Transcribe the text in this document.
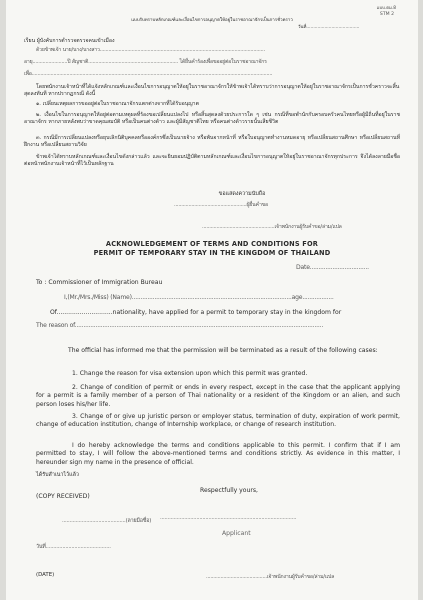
แบบ.ตม.8
STM 2
แบบรับทราบหลักเกณฑ์และเงื่อนไขการอนุญาตให้อยู่ในราชอาณาจักรเป็นการชั่วคราว
วันที่......................................
เรียน ผู้บังคับการตำรวจตรวจคนเข้าเมือง
ด้วยข้าพเจ้า นาย/นาง/นางสาว..................................................................................................................
อายุ........................ปี สัญชาติ.............................................................. ได้ยื่นคำร้องเพื่อขออยู่ต่อในราชอาณาจักร
เพื่อ......................................................................................................................................................................
โดยพนักงานเจ้าหน้าที่ได้แจ้งหลักเกณฑ์และเงื่อนไขการอนุญาตให้อยู่ในราชอาณาจักรให้ข้าพเจ้าได้ทราบว่าการอนุญาตให้อยู่ในราชอาณาจักรเป็นการชั่วคราวจะสิ้นสุดลงทันที หากปรากฏกรณี ดังนี้
๑. เปลี่ยนเหตุผลการขออยู่ต่อในราชอาณาจักรแตกต่างจากที่ได้รับอนุญาต
๒. เงื่อนไขในการอนุญาตให้อยู่ต่อตามเหตุผลที่ร้องขอเปลี่ยนแปลงไป หรือสิ้นสุดลงด้วยประการใด ๆ เช่น กรณีที่ขอพำนักกับครอบครัวคนไทยหรือผู้มีถิ่นที่อยู่ในราชอาณาจักร หากภายหลังพบว่าขาดคุณสมบัติ หรือเป็นคนต่างด้าว และผู้มีสัญชาติไทย หรือคนต่างด้าวรายนั้นเสียชีวิต
๓. กรณีมีการเปลี่ยนแปลงหรือยุบเลิกนิติบุคคลหรือองค์กรซึ่งเป็นนายจ้าง หรือพ้นจากหน้าที่ หรือใบอนุญาตทำงานหมดอายุ หรือเปลี่ยนสถานศึกษา หรือเปลี่ยนสถานที่ฝึกงาน หรือเปลี่ยนสถานวิจัย
ข้าพเจ้าได้ทราบหลักเกณฑ์และเงื่อนไขดังกล่าวแล้ว และจะยินยอมปฏิบัติตามหลักเกณฑ์และเงื่อนไขการอนุญาตให้อยู่ในราชอาณาจักรทุกประการ จึงได้ลงลายมือชื่อต่อหน้าพนักงานเจ้าหน้าที่ไว้เป็นหลักฐาน
ขอแสดงความนับถือ
..................................................ผู้ยื่นคำขอ
..................................................เจ้าพนักงานผู้รับคำขอ/ล่าม/แปล
ACKNOWLEDGEMENT OF TERMS AND CONDITIONS FOR
PERMIT OF TEMPORARY STAY IN THE KINGDOM OF THAILAND
Date..................................
To : Commissioner of Immigration Bureau
I,(Mr./Mrs./Miss) (Name)............................................................................................age..................
Of.............................nationality, have applied for a permit to temporary stay in the kingdom for
The reason of...............................................................................................................................................
The official has informed me that the permission will be terminated as a result of the following cases:
1. Change the reason for visa extension upon which this permit was granted.
2. Change of condition of permit or ends in every respect, except in the case that the applicant applying for a permit is a family member of a person of Thai nationality or a resident of the Kingdom or an alien, and such person loses his/her life.
3. Change of or give up juristic person or employer status, termination of duty, expiration of work permit, change of education institution, change of Internship workplace, or change of research institution.
I do hereby acknowledge the terms and conditions applicable to this permit. I confirm that if I am permitted to stay, I will follow the above-mentioned terms and conditions strictly. As evidence in this matter, I hereunder sign my name in the presence of official.
ได้รับสำเนาไว้แล้ว
(COPY RECEIVED)
Respectfully yours,
..........................................(ลายมือชื่อ) ..........................................................................................
Applicant
วันที่...........................................
(DATE)	..........................................เจ้าพนักงานผู้รับคำขอ/ล่าม/แปล
